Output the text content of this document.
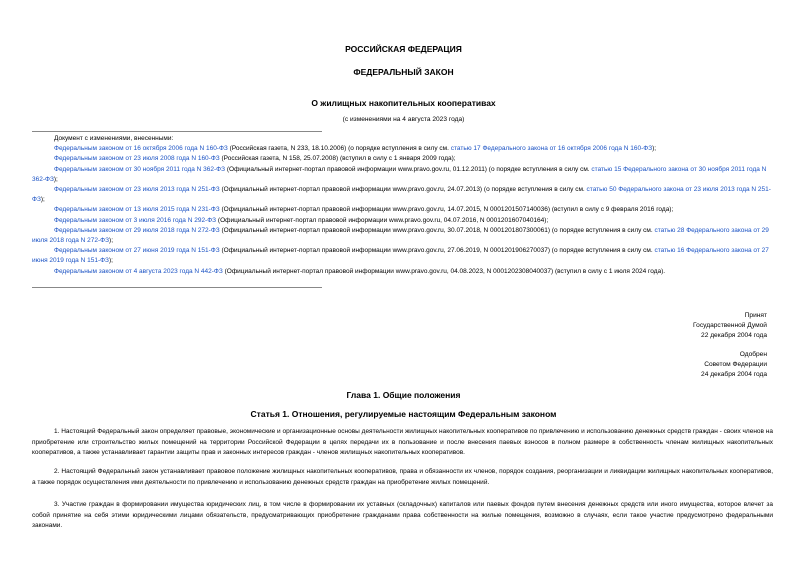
РОССИЙСКАЯ ФЕДЕРАЦИЯ
ФЕДЕРАЛЬНЫЙ ЗАКОН
О жилищных накопительных кооперативах
(с изменениями на 4 августа 2023 года)

Документ с изменениями, внесенными:

Федеральным законом от 16 октября 2006 года N 160-ФЗ (Российская газета, N 233, 18.10.2006) (о порядке вступления в силу см. статью 17 Федерального закона от 16 октября 2006 года N 160-ФЗ);

Федеральным законом от 23 июля 2008 года N 160-ФЗ (Российская газета, N 158, 25.07.2008) (вступил в силу с 1 января 2009 года);

Федеральным законом от 30 ноября 2011 года N 362-ФЗ (Официальный интернет-портал правовой информации www.pravo.gov.ru, 01.12.2011) (о порядке вступления в силу см. статью 15 Федерального закона от 30 ноября 2011 года N 362-ФЗ);

Федеральным законом от 23 июля 2013 года N 251-ФЗ (Официальный интернет-портал правовой информации www.pravo.gov.ru, 24.07.2013) (о порядке вступления в силу см. статью 50 Федерального закона от 23 июля 2013 года N 251-ФЗ);

Федеральным законом от 13 июля 2015 года N 231-ФЗ (Официальный интернет-портал правовой информации www.pravo.gov.ru, 14.07.2015, N 0001201507140036) (вступил в силу с 9 февраля 2016 года);

Федеральным законом от 3 июля 2016 года N 292-ФЗ (Официальный интернет-портал правовой информации www.pravo.gov.ru, 04.07.2016, N 0001201607040164);

Федеральным законом от 29 июля 2018 года N 272-ФЗ (Официальный интернет-портал правовой информации www.pravo.gov.ru, 30.07.2018, N 0001201807300061) (о порядке вступления в силу см. статью 28 Федерального закона от 29 июля 2018 года N 272-ФЗ);

Федеральным законом от 27 июня 2019 года N 151-ФЗ (Официальный интернет-портал правовой информации www.pravo.gov.ru, 27.06.2019, N 0001201906270037) (о порядке вступления в силу см. статью 16 Федерального закона от 27 июня 2019 года N 151-ФЗ);

Федеральным законом от 4 августа 2023 года N 442-ФЗ (Официальный интернет-портал правовой информации www.pravo.gov.ru, 04.08.2023, N 0001202308040037) (вступил в силу с 1 июля 2024 года).

Принят
Государственной Думой
22 декабря 2004 года
Одобрен
Советом Федерации
24 декабря 2004 года
Глава 1. Общие положения
Статья 1. Отношения, регулируемые настоящим Федеральным законом

1. Настоящий Федеральный закон определяет правовые, экономические и организационные основы деятельности жилищных накопительных кооперативов по привлечению и использованию денежных средств граждан - своих членов на приобретение или строительство жилых помещений на территории Российской Федерации в целях передачи их в пользование и после внесения паевых взносов в полном размере в собственность членам жилищных накопительных кооперативов, а также устанавливает гарантии защиты прав и законных интересов граждан - членов жилищных накопительных кооперативов.

2. Настоящий Федеральный закон устанавливает правовое положение жилищных накопительных кооперативов, права и обязанности их членов, порядок создания, реорганизации и ликвидации жилищных накопительных кооперативов, а также порядок осуществления ими деятельности по привлечению и использованию денежных средств граждан на приобретение жилых помещений.

3. Участие граждан в формировании имущества юридических лиц, в том числе в формировании их уставных (складочных) капиталов или паевых фондов путем внесения денежных средств или иного имущества, которое влечет за собой принятие на себя этими юридическими лицами обязательств, предусматривающих приобретение гражданами права собственности на жилые помещения, возможно в случаях, если такое участие предусмотрено федеральными законами.
